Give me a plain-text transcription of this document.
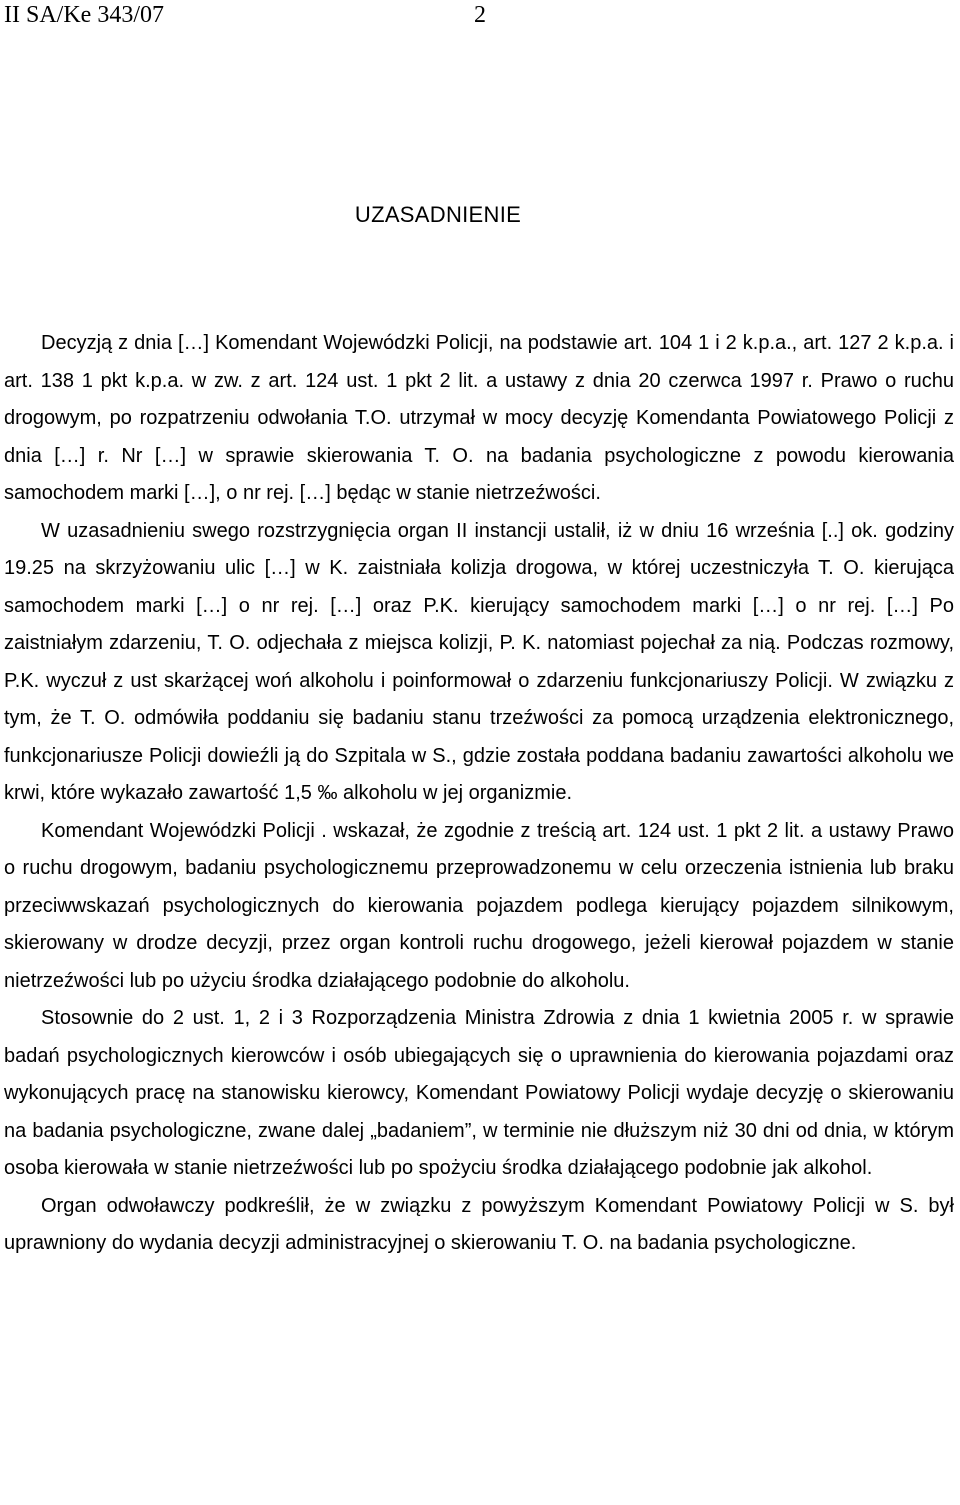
II SA/Ke 343/07	2
UZASADNIENIE

Decyzją z dnia […] Komendant Wojewódzki Policji, na podstawie art. 104 1 i 2 k.p.a., art. 127 2 k.p.a. i art. 138 1 pkt k.p.a. w zw. z art. 124 ust. 1 pkt 2 lit. a ustawy z dnia 20 czerwca 1997 r. Prawo o ruchu drogowym, po rozpatrzeniu odwołania T.O. utrzymał w mocy decyzję Komendanta Powiatowego Policji z dnia […] r. Nr […] w sprawie skierowania T. O. na badania psychologiczne z powodu kierowania samochodem marki […], o nr rej. […] będąc w stanie nietrzeźwości.

W uzasadnieniu swego rozstrzygnięcia organ II instancji ustalił, iż w dniu 16 września [..] ok. godziny 19.25 na skrzyżowaniu ulic […] w K. zaistniała kolizja drogowa, w której uczestniczyła T. O. kierująca samochodem marki […] o nr rej. […] oraz P.K. kierujący samochodem marki […] o nr rej. […] Po zaistniałym zdarzeniu, T. O. odjechała z miejsca kolizji, P. K. natomiast pojechał za nią. Podczas rozmowy, P.K. wyczuł z ust skarżącej woń alkoholu i poinformował o zdarzeniu funkcjonariuszy Policji. W związku z tym, że T. O. odmówiła poddaniu się badaniu stanu trzeźwości za pomocą urządzenia elektronicznego, funkcjonariusze Policji dowieźli ją do Szpitala w S., gdzie została poddana badaniu zawartości alkoholu we krwi, które wykazało zawartość 1,5 ‰ alkoholu w jej organizmie.

Komendant Wojewódzki Policji . wskazał, że zgodnie z treścią art. 124 ust. 1 pkt 2 lit. a ustawy Prawo o ruchu drogowym, badaniu psychologicznemu przeprowadzonemu w celu orzeczenia istnienia lub braku przeciwwskazań psychologicznych do kierowania pojazdem podlega kierujący pojazdem silnikowym, skierowany w drodze decyzji, przez organ kontroli ruchu drogowego, jeżeli kierował pojazdem w stanie nietrzeźwości lub po użyciu środka działającego podobnie do alkoholu.

Stosownie do 2 ust. 1, 2 i 3 Rozporządzenia Ministra Zdrowia z dnia 1 kwietnia 2005 r. w sprawie badań psychologicznych kierowców i osób ubiegających się o uprawnienia do kierowania pojazdami oraz wykonujących pracę na stanowisku kierowcy, Komendant Powiatowy Policji wydaje decyzję o skierowaniu na badania psychologiczne, zwane dalej „badaniem”, w terminie nie dłuższym niż 30 dni od dnia, w którym osoba kierowała w stanie nietrzeźwości lub po spożyciu środka działającego podobnie jak alkohol.

Organ odwoławczy podkreślił, że w związku z powyższym Komendant Powiatowy Policji w S. był uprawniony do wydania decyzji administracyjnej o skierowaniu T. O. na badania psychologiczne.
